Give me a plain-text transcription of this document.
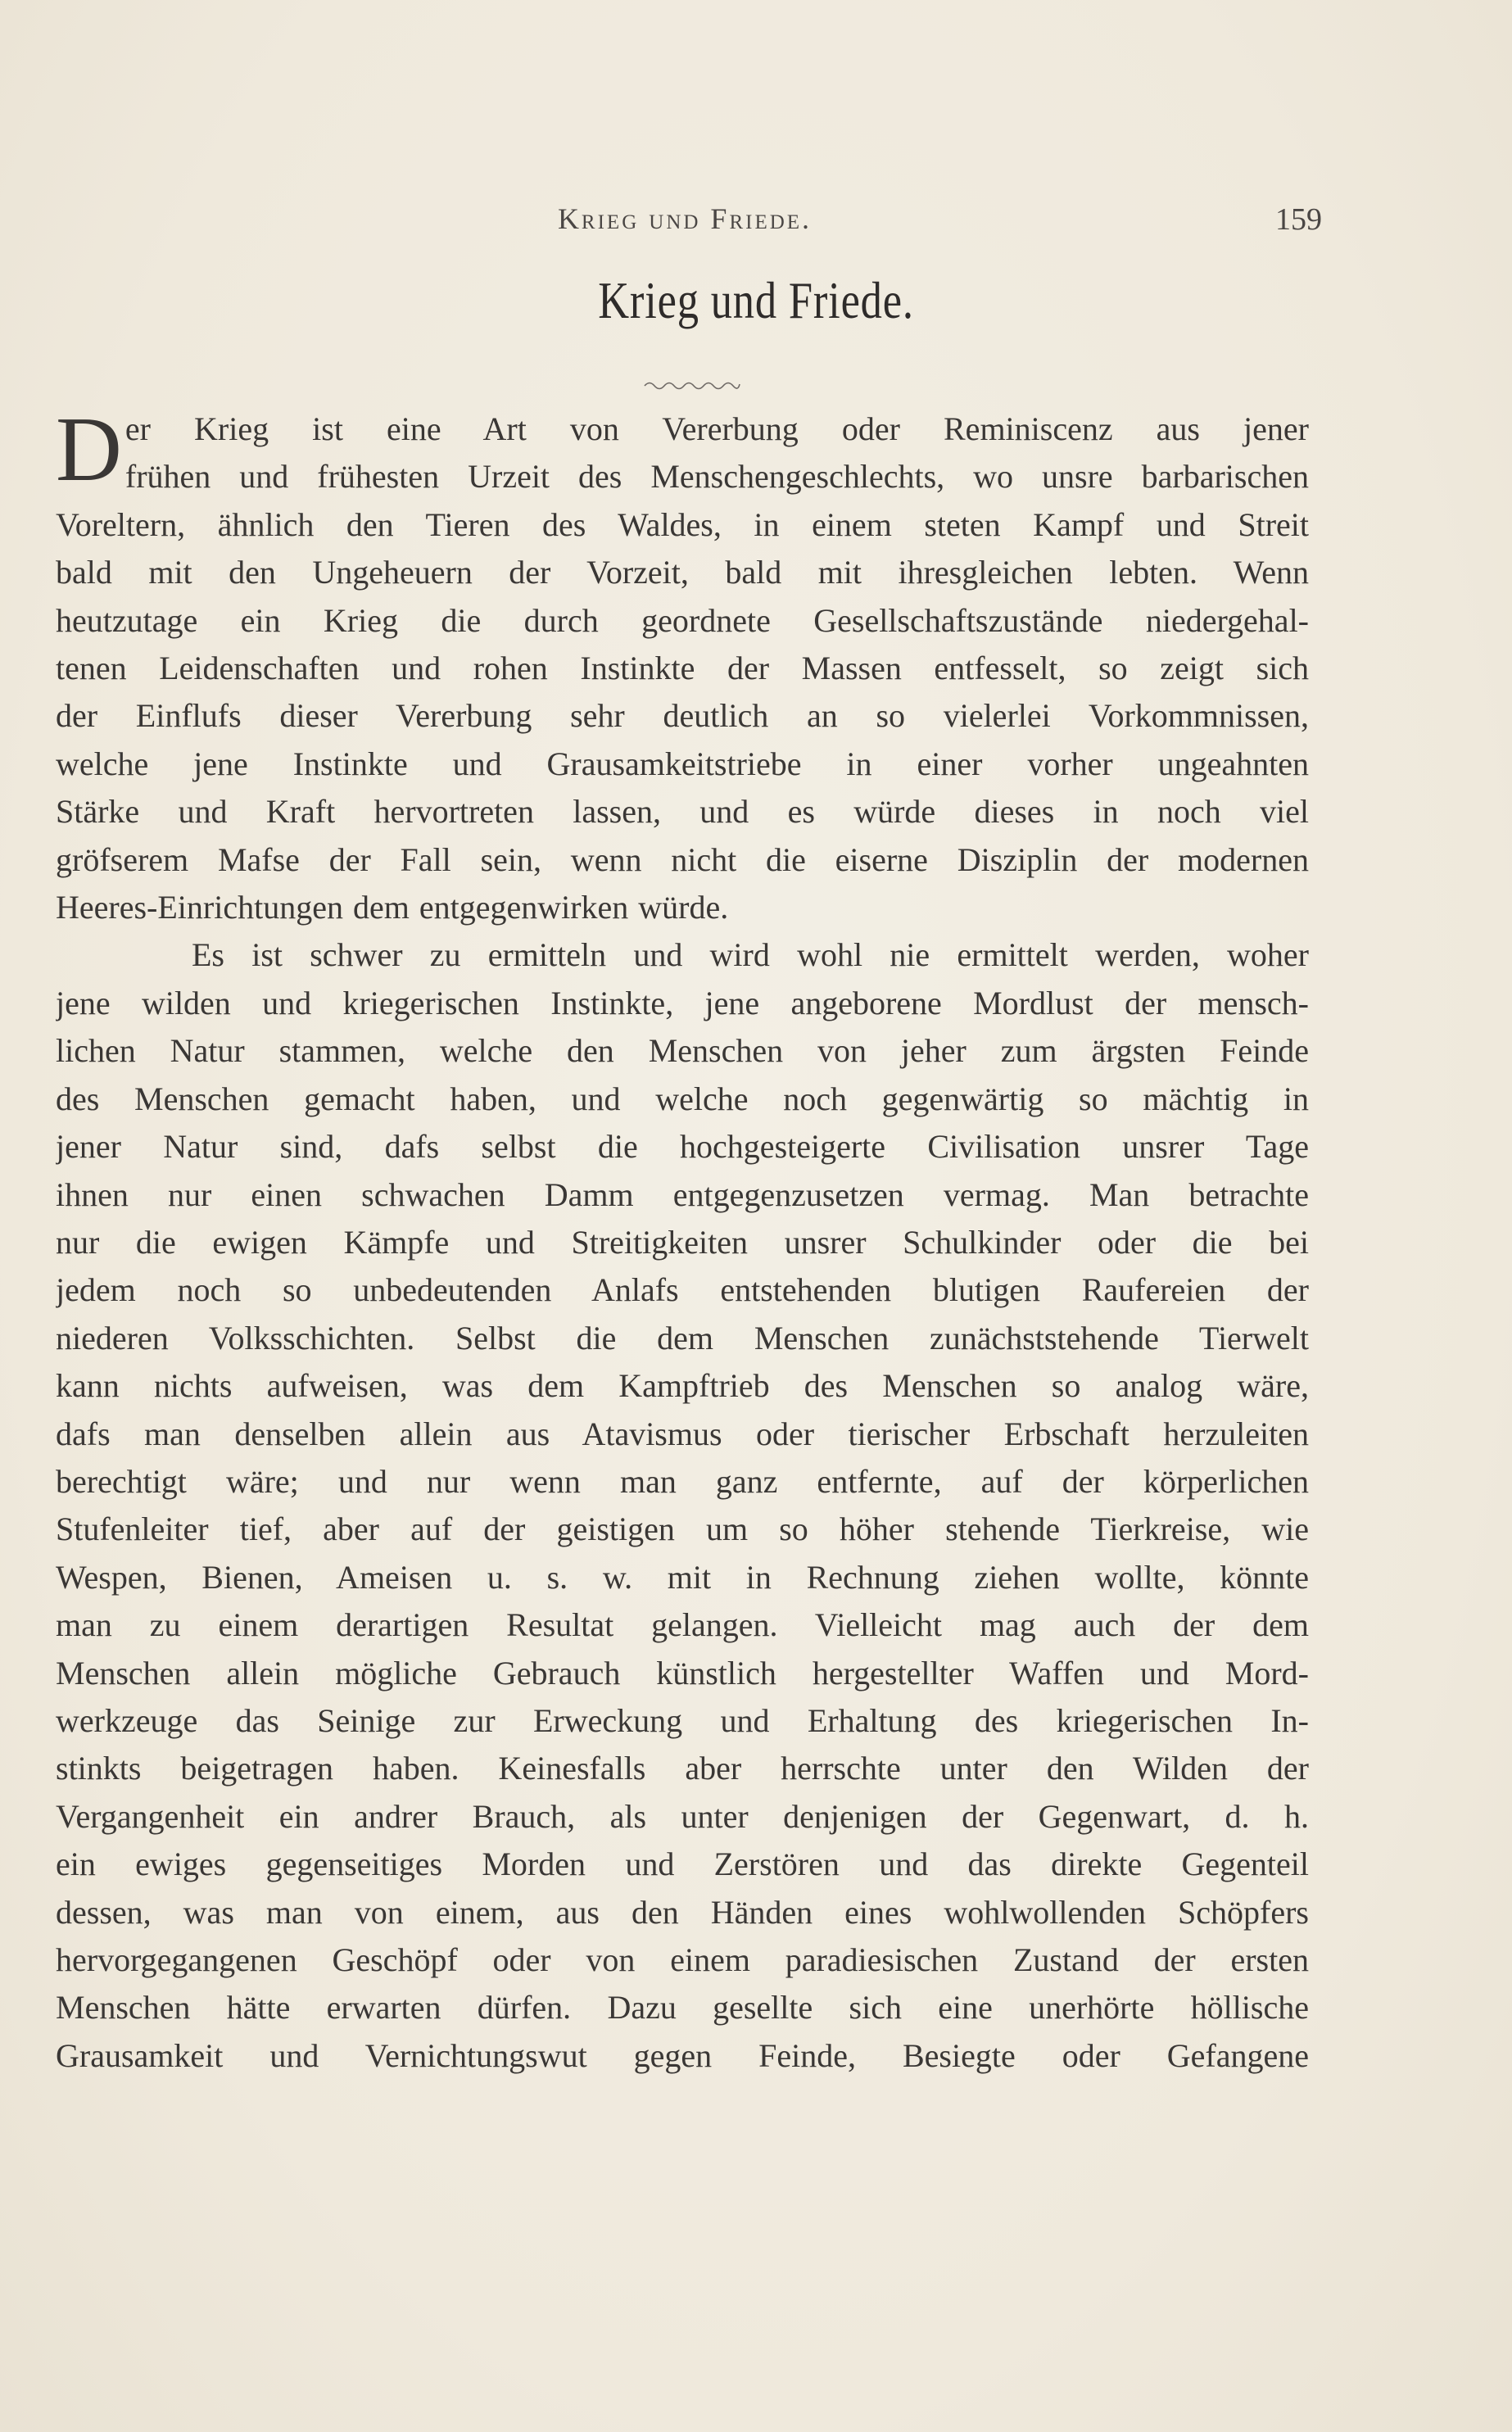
Krieg und Friede.	159
Krieg und Friede.
D er Krieg ist eine Art von Vererbung oder Reminiscenz aus jener
frühen und frühesten Urzeit des Menschengeschlechts, wo unsre barbarischen
Voreltern, ähnlich den Tieren des Waldes, in einem steten Kampf und Streit
bald mit den Ungeheuern der Vorzeit, bald mit ihresgleichen lebten. Wenn
heutzutage ein Krieg die durch geordnete Gesellschaftszustände niedergehal-
tenen Leidenschaften und rohen Instinkte der Massen entfesselt, so zeigt sich
der Einflufs dieser Vererbung sehr deutlich an so vielerlei Vorkommnissen,
welche jene Instinkte und Grausamkeitstriebe in einer vorher ungeahnten
Stärke und Kraft hervortreten lassen, und es würde dieses in noch viel
gröfserem Mafse der Fall sein, wenn nicht die eiserne Disziplin der modernen
Heeres-Einrichtungen dem entgegenwirken würde.
Es ist schwer zu ermitteln und wird wohl nie ermittelt werden, woher
jene wilden und kriegerischen Instinkte, jene angeborene Mordlust der mensch-
lichen Natur stammen, welche den Menschen von jeher zum ärgsten Feinde
des Menschen gemacht haben, und welche noch gegenwärtig so mächtig in
jener Natur sind, dafs selbst die hochgesteigerte Civilisation unsrer Tage
ihnen nur einen schwachen Damm entgegenzusetzen vermag. Man betrachte
nur die ewigen Kämpfe und Streitigkeiten unsrer Schulkinder oder die bei
jedem noch so unbedeutenden Anlafs entstehenden blutigen Raufereien der
niederen Volksschichten. Selbst die dem Menschen zunächststehende Tierwelt
kann nichts aufweisen, was dem Kampftrieb des Menschen so analog wäre,
dafs man denselben allein aus Atavismus oder tierischer Erbschaft herzuleiten
berechtigt wäre; und nur wenn man ganz entfernte, auf der körperlichen
Stufenleiter tief, aber auf der geistigen um so höher stehende Tierkreise, wie
Wespen, Bienen, Ameisen u. s. w. mit in Rechnung ziehen wollte, könnte
man zu einem derartigen Resultat gelangen. Vielleicht mag auch der dem
Menschen allein mögliche Gebrauch künstlich hergestellter Waffen und Mord-
werkzeuge das Seinige zur Erweckung und Erhaltung des kriegerischen In-
stinkts beigetragen haben. Keinesfalls aber herrschte unter den Wilden der
Vergangenheit ein andrer Brauch, als unter denjenigen der Gegenwart, d. h.
ein ewiges gegenseitiges Morden und Zerstören und das direkte Gegenteil
dessen, was man von einem, aus den Händen eines wohlwollenden Schöpfers
hervorgegangenen Geschöpf oder von einem paradiesischen Zustand der ersten
Menschen hätte erwarten dürfen. Dazu gesellte sich eine unerhörte höllische
Grausamkeit und Vernichtungswut gegen Feinde, Besiegte oder Gefangene
